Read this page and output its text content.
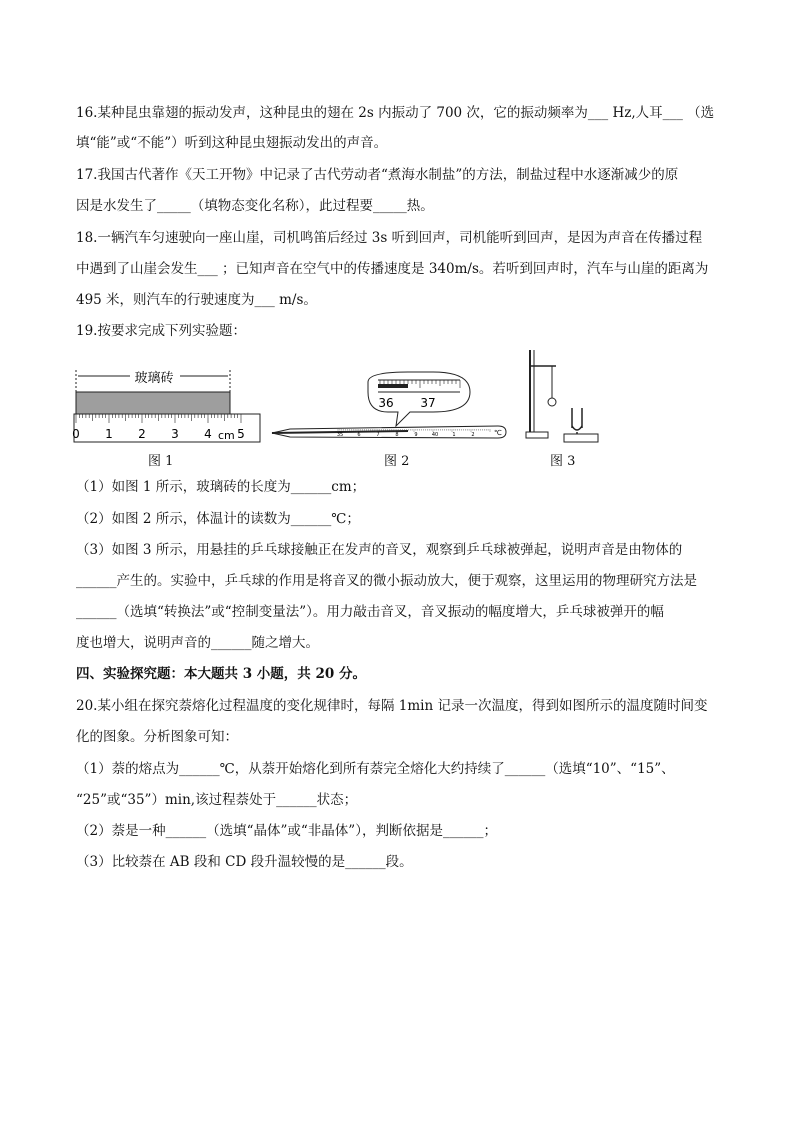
16.某种昆虫靠翅的振动发声，这种昆虫的翅在 2s 内振动了 700 次，它的振动频率为___ Hz,人耳___ （选
填“能”或“不能”）听到这种昆虫翅振动发出的声音。
17.我国古代著作《天工开物》中记录了古代劳动者“煮海水制盐”的方法，制盐过程中水逐渐减少的原
因是水发生了_____（填物态变化名称），此过程要_____热。
18.一辆汽车匀速驶向一座山崖，司机鸣笛后经过 3s 听到回声，司机能听到回声，是因为声音在传播过程
中遇到了山崖会发生___ ；已知声音在空气中的传播速度是 340m/s。若听到回声时，汽车与山崖的距离为
495 米，则汽车的行驶速度为___ m/s。
19.按要求完成下列实验题：
玻璃砖
0 1 2 3 4 5
cm
图 1
36 37
35	6	7	8	9	40	1	2	℃
图 2	图 3
（1）如图 1 所示，玻璃砖的长度为______cm；
（2）如图 2 所示，体温计的读数为______℃；
（3）如图 3 所示，用悬挂的乒乓球接触正在发声的音叉，观察到乒乓球被弹起，说明声音是由物体的
______产生的。实验中，乒乓球的作用是将音叉的微小振动放大，便于观察，这里运用的物理研究方法是
______（选填“转换法”或“控制变量法”）。用力敲击音叉，音叉振动的幅度增大，乒乓球被弹开的幅
度也增大，说明声音的______随之增大。
四、实验探究题：本大题共 3 小题，共 20 分。
20.某小组在探究萘熔化过程温度的变化规律时，每隔 1min 记录一次温度，得到如图所示的温度随时间变
化的图象。分析图象可知：
（1）萘的熔点为______℃，从萘开始熔化到所有萘完全熔化大约持续了______（选填“10”、“15”、
“25”或“35”）min,该过程萘处于______状态；
（2）萘是一种______（选填“晶体”或“非晶体”），判断依据是______；
（3）比较萘在 AB 段和 CD 段升温较慢的是______段。
